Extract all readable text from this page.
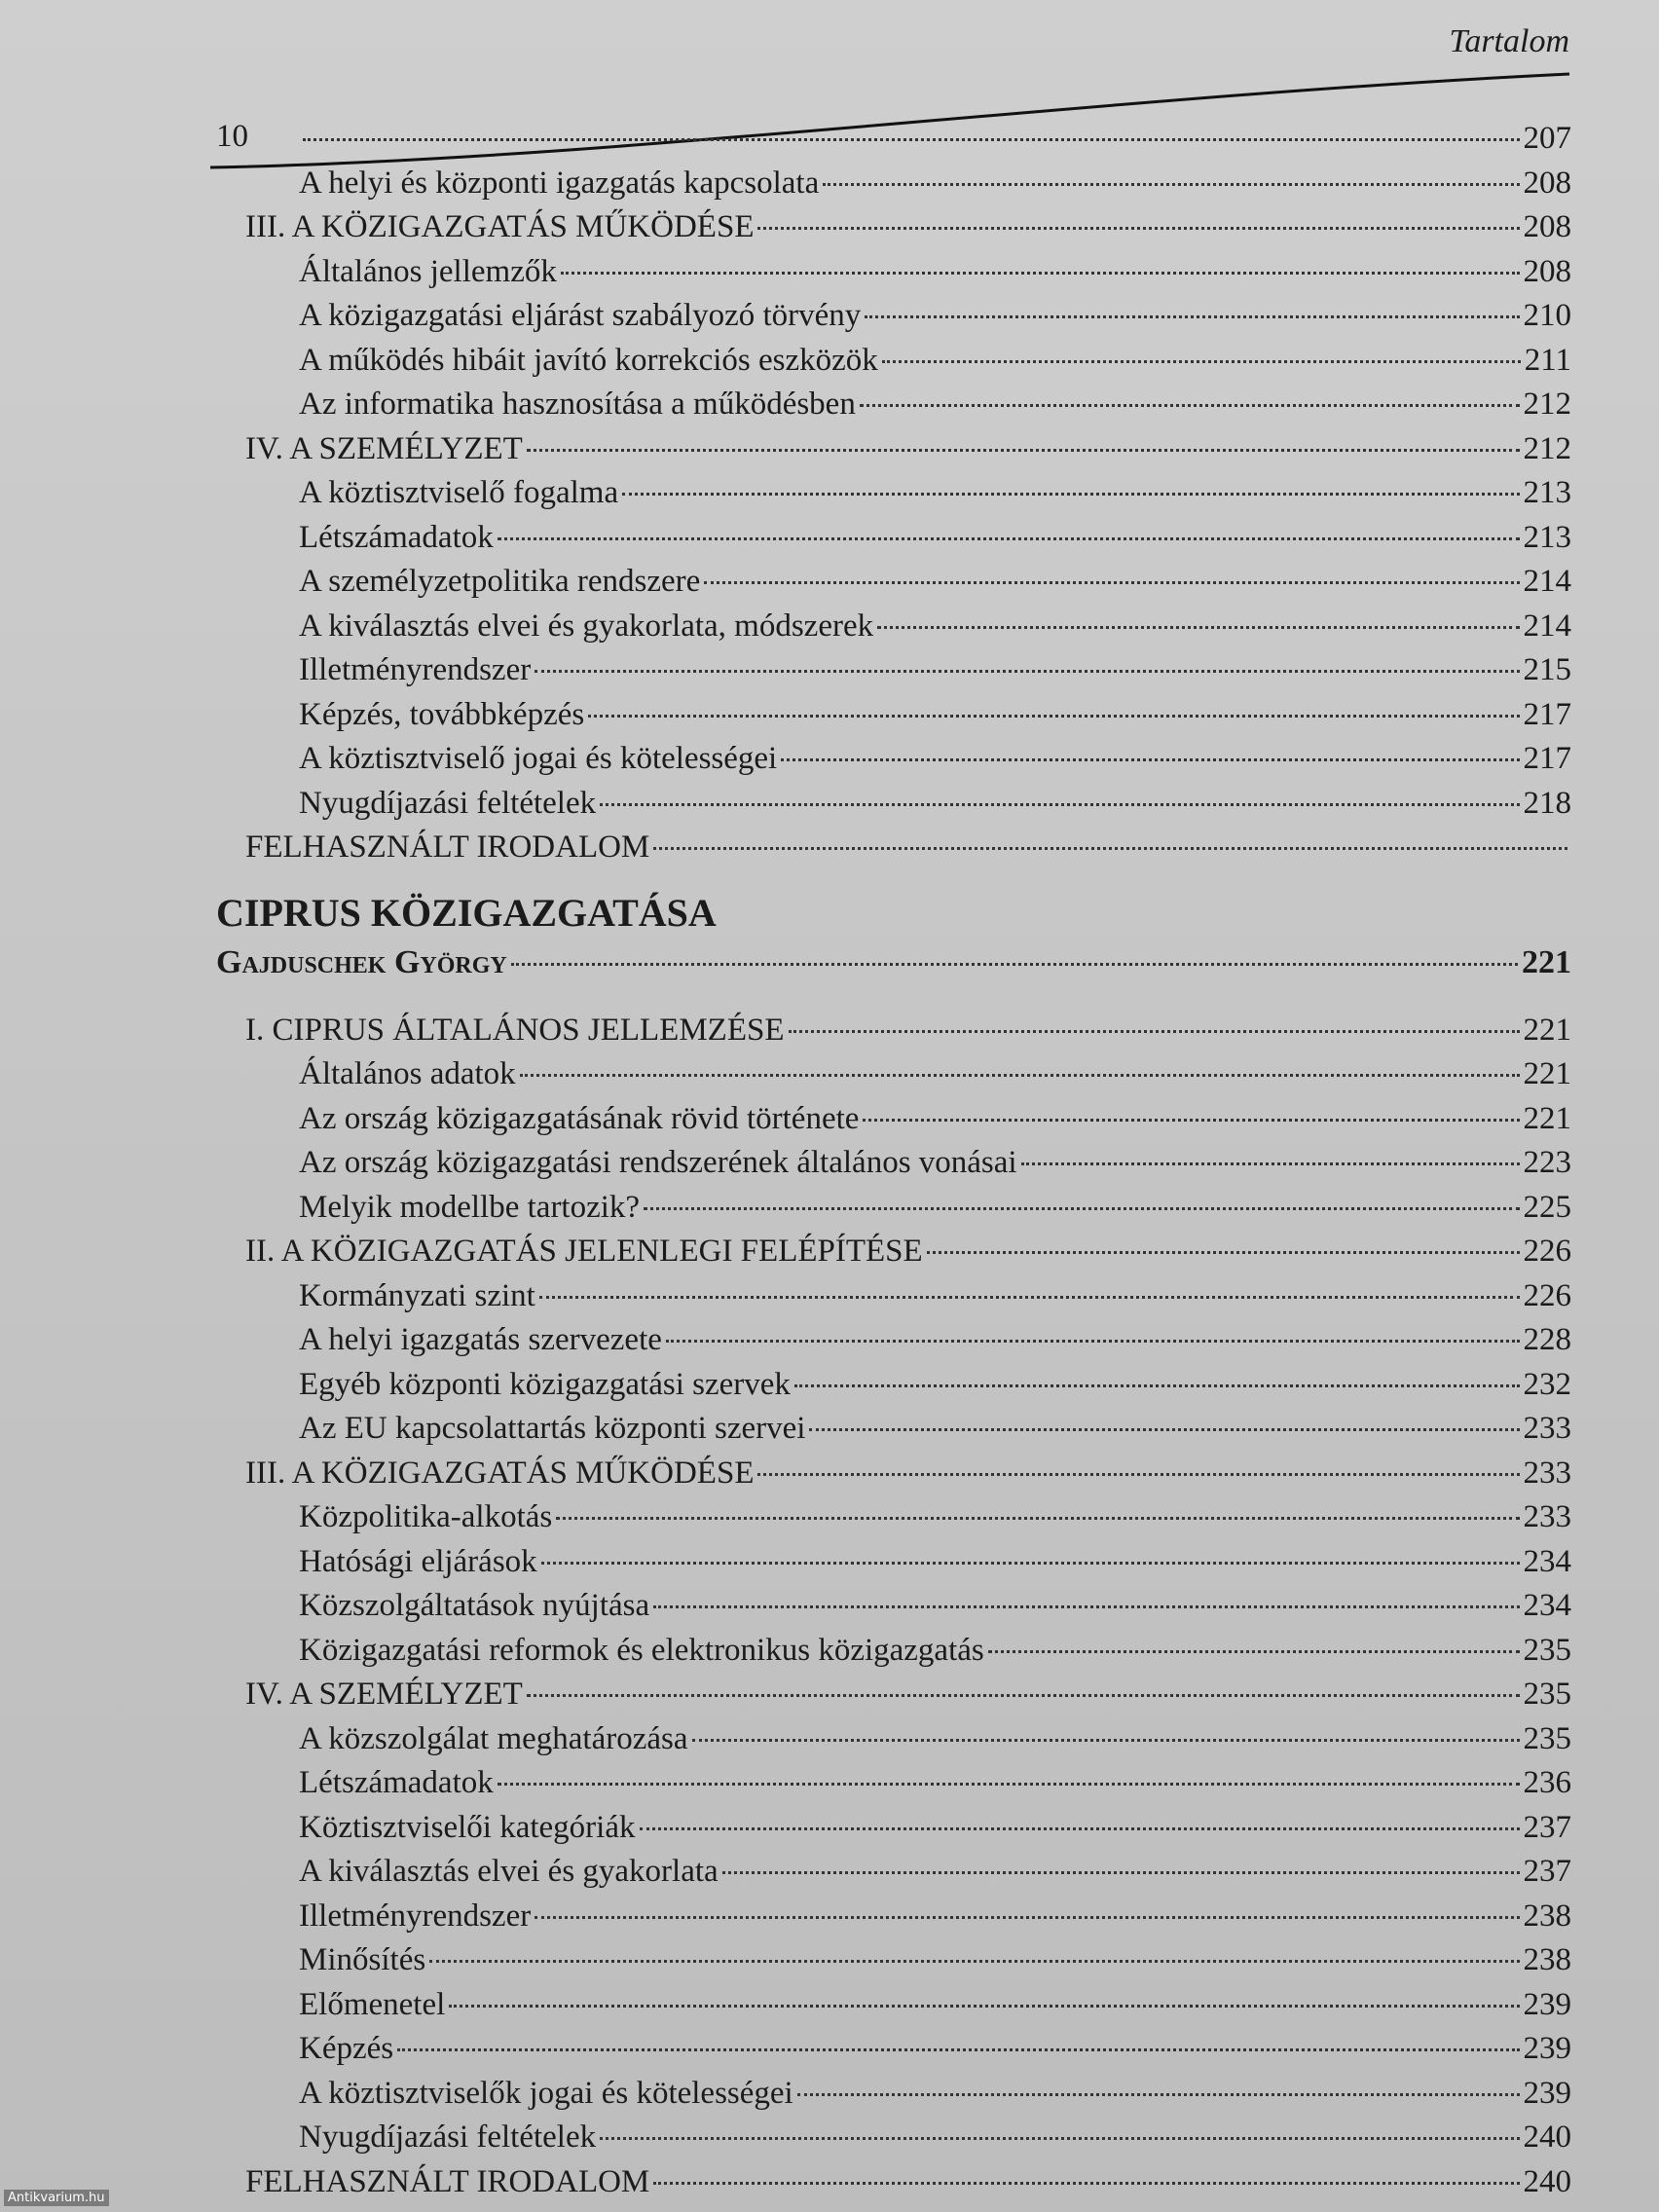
Tartalom
10	207
A helyi és központi igazgatás kapcsolata	208
III. A KÖZIGAZGATÁS MŰKÖDÉSE	208
Általános jellemzők	208
A közigazgatási eljárást szabályozó törvény	210
A működés hibáit javító korrekciós eszközök	211
Az informatika hasznosítása a működésben	212
IV. A SZEMÉLYZET	212
A köztisztviselő fogalma	213
Létszámadatok	213
A személyzetpolitika rendszere	214
A kiválasztás elvei és gyakorlata, módszerek	214
Illetményrendszer	215
Képzés, továbbképzés	217
A köztisztviselő jogai és kötelességei	217
Nyugdíjazási feltételek	218
FELHASZNÁLT IRODALOM
CIPRUS KÖZIGAZGATÁSA
Gajduschek György	221
I. CIPRUS ÁLTALÁNOS JELLEMZÉSE	221
Általános adatok	221
Az ország közigazgatásának rövid története	221
Az ország közigazgatási rendszerének általános vonásai	223
Melyik modellbe tartozik?	225
II. A KÖZIGAZGATÁS JELENLEGI FELÉPÍTÉSE	226
Kormányzati szint	226
A helyi igazgatás szervezete	228
Egyéb központi közigazgatási szervek	232
Az EU kapcsolattartás központi szervei	233
III. A KÖZIGAZGATÁS MŰKÖDÉSE	233
Közpolitika-alkotás	233
Hatósági eljárások	234
Közszolgáltatások nyújtása	234
Közigazgatási reformok és elektronikus közigazgatás	235
IV. A SZEMÉLYZET	235
A közszolgálat meghatározása	235
Létszámadatok	236
Köztisztviselői kategóriák	237
A kiválasztás elvei és gyakorlata	237
Illetményrendszer	238
Minősítés	238
Előmenetel	239
Képzés	239
A köztisztviselők jogai és kötelességei	239
Nyugdíjazási feltételek	240
FELHASZNÁLT IRODALOM	240
Antikvarium.hu
